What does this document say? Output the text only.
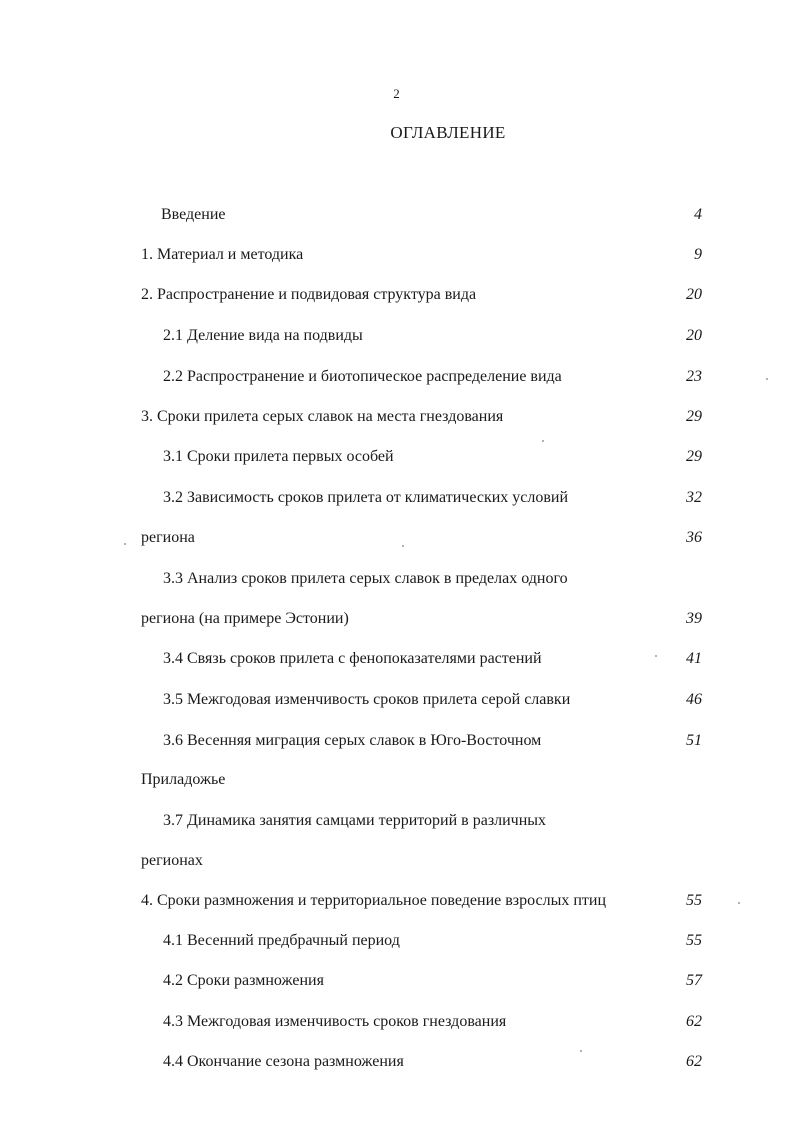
2
ОГЛАВЛЕНИЕ
Введение	4
1. Материал и методика	9
2. Распространение и подвидовая структура вида	20
2.1 Деление вида на подвиды	20
2.2 Распространение и биотопическое распределение вида	23
3. Сроки прилета серых славок на места гнездования	29
3.1 Сроки прилета первых особей	29
3.2 Зависимость сроков прилета от климатических условий	32
региона	36
3.3 Анализ сроков прилета серых славок в пределах одного
региона (на примере Эстонии)	39
3.4 Связь сроков прилета с фенопоказателями растений	41
3.5 Межгодовая изменчивость сроков прилета серой славки	46
3.6 Весенняя миграция серых славок в Юго-Восточном	51
Приладожье
3.7 Динамика занятия самцами территорий в различных
регионах
4. Сроки размножения и территориальное поведение взрослых птиц	55
4.1 Весенний предбрачный период	55
4.2 Сроки размножения	57
4.3 Межгодовая изменчивость сроков гнездования	62
4.4 Окончание сезона размножения	62
